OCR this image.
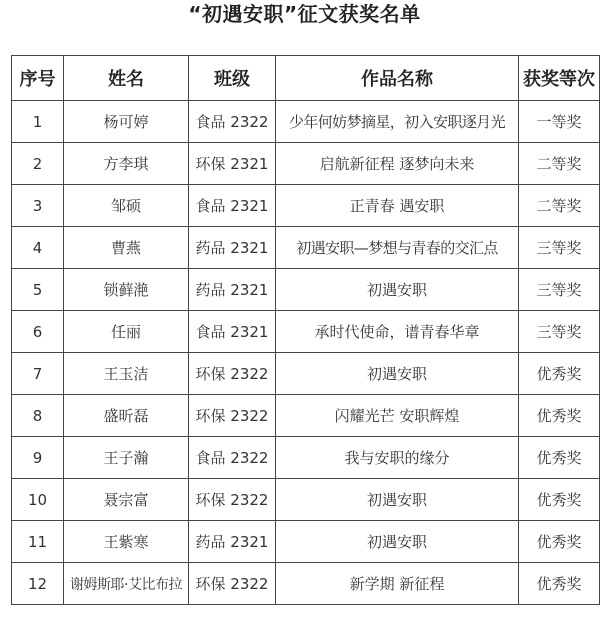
“初遇安职”征文获奖名单
序号	姓名	班级	作品名称	获奖等次
1	杨可婷	食品 2322	少年何妨梦摘星，初入安职逐月光	一等奖
2	方李琪	环保 2321	启航新征程 逐梦向未来	二等奖
3	邹硕	食品 2321	正青春 遇安职	二等奖
4	曹燕	药品 2321	初遇安职—梦想与青春的交汇点	三等奖
5	锁藓滟	药品 2321	初遇安职	三等奖
6	任丽	食品 2321	承时代使命，谱青春华章	三等奖
7	王玉洁	环保 2322	初遇安职	优秀奖
8	盛昕磊	环保 2322	闪耀光芒 安职辉煌	优秀奖
9	王子瀚	食品 2322	我与安职的缘分	优秀奖
10	聂宗富	环保 2322	初遇安职	优秀奖
11	王紫寒	药品 2321	初遇安职	优秀奖
12	谢姆斯耶·艾比布拉	环保 2322	新学期 新征程	优秀奖
